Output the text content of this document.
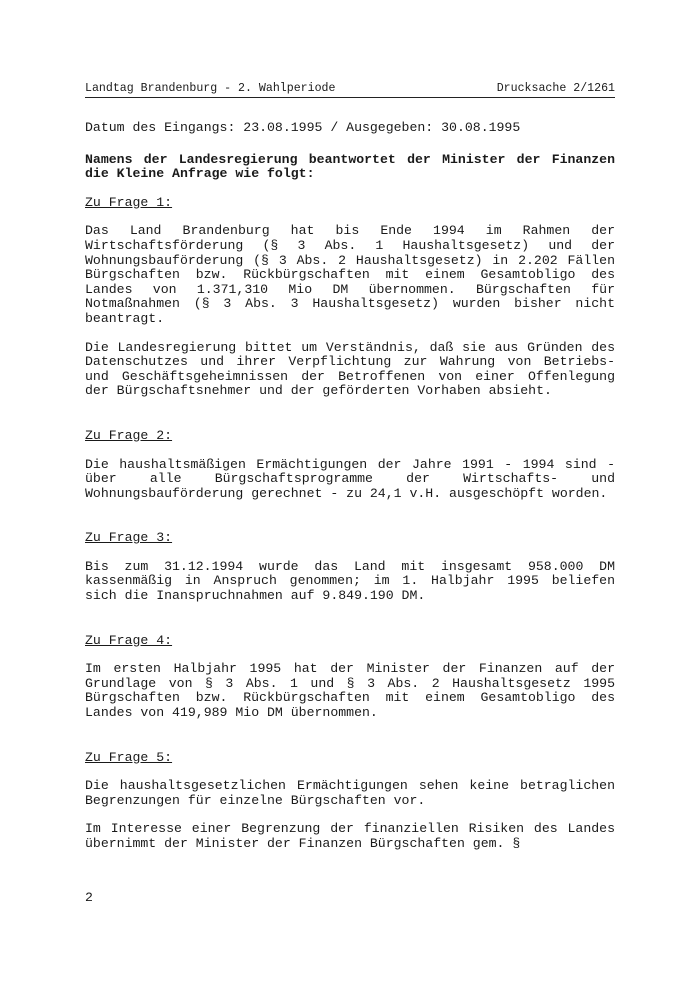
Landtag Brandenburg - 2. Wahlperiode	Drucksache 2/1261

Datum des Eingangs: 23.08.1995 / Ausgegeben: 30.08.1995

Namens der Landesregierung beantwortet der Minister der Finanzen die Kleine Anfrage wie folgt:

Zu Frage 1:

Das Land Brandenburg hat bis Ende 1994 im Rahmen der Wirtschaftsförderung (§ 3 Abs. 1 Haushaltsgesetz) und der Wohnungsbauförderung (§ 3 Abs. 2 Haushaltsgesetz) in 2.202 Fällen Bürgschaften bzw. Rückbürgschaften mit einem Gesamtobligo des Landes von 1.371,310 Mio DM übernommen. Bürgschaften für Notmaßnahmen (§ 3 Abs. 3 Haushaltsgesetz) wurden bisher nicht beantragt.

Die Landesregierung bittet um Verständnis, daß sie aus Gründen des Datenschutzes und ihrer Verpflichtung zur Wahrung von Betriebs- und Geschäftsgeheimnissen der Betroffenen von einer Offenlegung der Bürgschaftsnehmer und der geförderten Vorhaben absieht.

Zu Frage 2:

Die haushaltsmäßigen Ermächtigungen der Jahre 1991 - 1994 sind - über alle Bürgschaftsprogramme der Wirtschafts- und Wohnungsbauförderung gerechnet - zu 24,1 v.H. ausgeschöpft worden.

Zu Frage 3:

Bis zum 31.12.1994 wurde das Land mit insgesamt 958.000 DM kassenmäßig in Anspruch genommen; im 1. Halbjahr 1995 beliefen sich die Inanspruchnahmen auf 9.849.190 DM.

Zu Frage 4:

Im ersten Halbjahr 1995 hat der Minister der Finanzen auf der Grundlage von § 3 Abs. 1 und § 3 Abs. 2 Haushaltsgesetz 1995 Bürgschaften bzw. Rückbürgschaften mit einem Gesamtobligo des Landes von 419,989 Mio DM übernommen.

Zu Frage 5:

Die haushaltsgesetzlichen Ermächtigungen sehen keine betraglichen Begrenzungen für einzelne Bürgschaften vor.

Im Interesse einer Begrenzung der finanziellen Risiken des Landes übernimmt der Minister der Finanzen Bürgschaften gem. §

2
